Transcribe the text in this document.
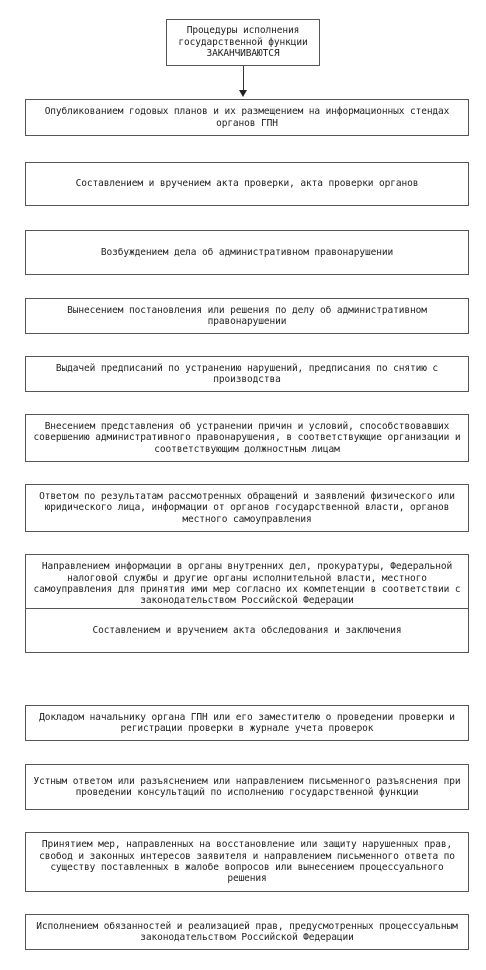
Процедуры исполнения государственной функции ЗАКАНЧИВАЮТСЯ
Опубликованием годовых планов и их размещением на информационных стендах органов ГПН
Составлением и вручением акта проверки, акта проверки органов
Возбуждением дела об административном правонарушении
Вынесением постановления или решения по делу об административном правонарушении
Выдачей предписаний по устранению нарушений, предписания по снятию с производства
Внесением представления об устранении причин и условий, способствовавших совершению административного правонарушения, в соответствующие организации и соответствующим должностным лицам
Ответом по результатам рассмотренных обращений и заявлений физического или юридического лица, информации от органов государственной власти, органов местного самоуправления
Направлением информации в органы внутренних дел, прокуратуры, Федеральной налоговой службы и другие органы исполнительной власти, местного самоуправления для принятия ими мер согласно их компетенции в соответствии с законодательством Российской Федерации
Составлением и вручением акта обследования и заключения
Докладом начальнику органа ГПН или его заместителю о проведении проверки и регистрации проверки в журнале учета проверок
Устным ответом или разъяснением или направлением письменного разъяснения при проведении консультаций по исполнению государственной функции
Принятием мер, направленных на восстановление или защиту нарушенных прав, свобод и законных интересов заявителя и направлением письменного ответа по существу поставленных в жалобе вопросов или вынесением процессуального решения
Исполнением обязанностей и реализацией прав, предусмотренных процессуальным законодательством Российской Федерации
